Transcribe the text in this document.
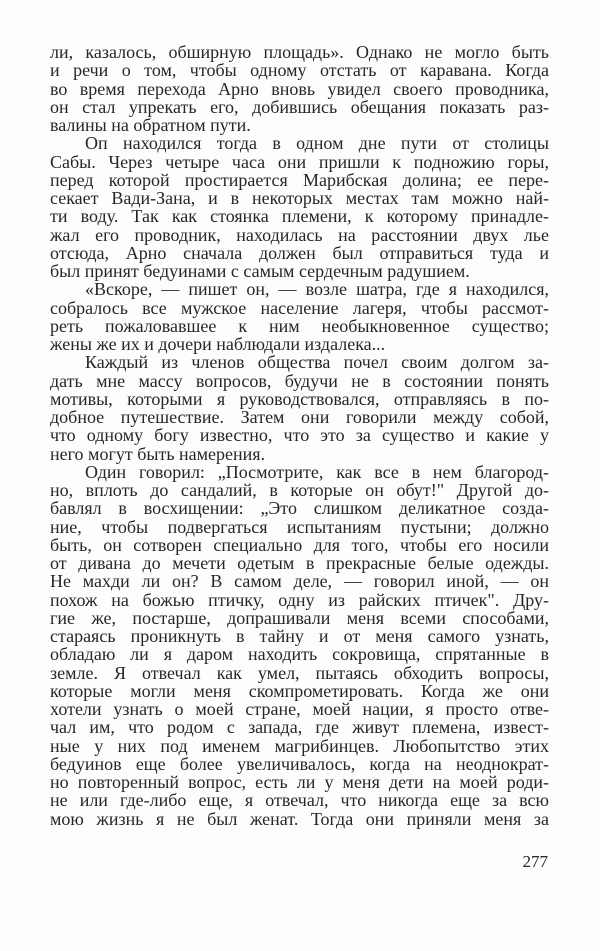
ли, казалось, обширную площадь». Однако не могло быть
и речи о том, чтобы одному отстать от каравана. Когда
во время перехода Арно вновь увидел своего проводника,
он стал упрекать его, добившись обещания показать раз-
валины на обратном пути.
Оп находился тогда в одном дне пути от столицы
Сабы. Через четыре часа они пришли к подножию горы,
перед которой простирается Марибская долина; ее пере-
секает Вади-Зана, и в некоторых местах там можно най-
ти воду. Так как стоянка племени, к которому принадле-
жал его проводник, находилась на расстоянии двух лье
отсюда, Арно сначала должен был отправиться туда и
был принят бедуинами с самым сердечным радушием.
«Вскоре, — пишет он, — возле шатра, где я находился,
собралось все мужское население лагеря, чтобы рассмот-
реть пожаловавшее к ним необыкновенное существо;
жены же их и дочери наблюдали издалека...
Каждый из членов общества почел своим долгом за-
дать мне массу вопросов, будучи не в состоянии понять
мотивы, которыми я руководствовался, отправляясь в по-
добное путешествие. Затем они говорили между собой,
что одному богу известно, что это за существо и какие у
него могут быть намерения.
Один говорил: „Посмотрите, как все в нем благород-
но, вплоть до сандалий, в которые он обут!" Другой до-
бавлял в восхищении: „Это слишком деликатное созда-
ние, чтобы подвергаться испытаниям пустыни; должно
быть, он сотворен специально для того, чтобы его носили
от дивана до мечети одетым в прекрасные белые одежды.
Не махди ли он? В самом деле, — говорил иной, — он
похож на божью птичку, одну из райских птичек". Дру-
гие же, постарше, допрашивали меня всеми способами,
стараясь проникнуть в тайну и от меня самого узнать,
обладаю ли я даром находить сокровища, спрятанные в
земле. Я отвечал как умел, пытаясь обходить вопросы,
которые могли меня скомпрометировать. Когда же они
хотели узнать о моей стране, моей нации, я просто отве-
чал им, что родом с запада, где живут племена, извест-
ные у них под именем магрибинцев. Любопытство этих
бедуинов еще более увеличивалось, когда на неоднократ-
но повторенный вопрос, есть ли у меня дети на моей роди-
не или где-либо еще, я отвечал, что никогда еще за всю
мою жизнь я не был женат. Тогда они приняли меня за
277
